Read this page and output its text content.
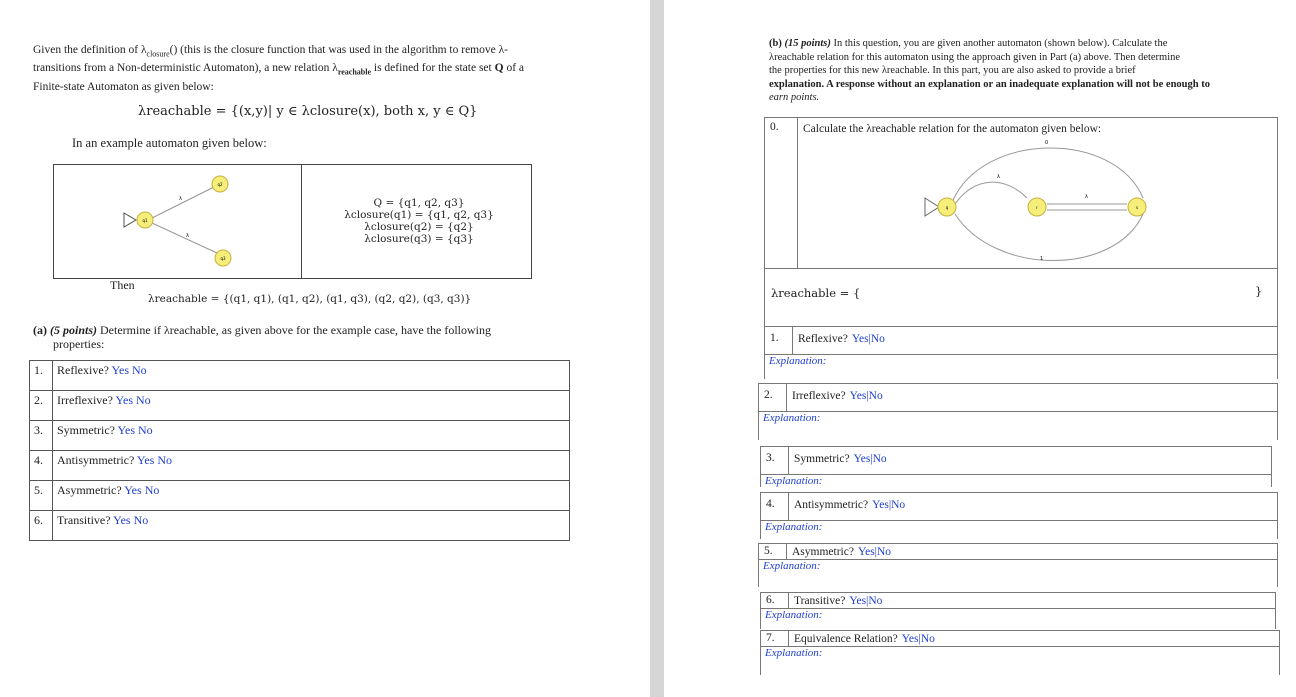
Given the definition of $\lambda_{closure}()$ (this is the closure function that was used in the algorithm to remove λ-
transitions from a Non-deterministic Automaton), a new relation $\lambda_{reachable}$ is defined for the state set Q of a
Finite-state Automaton as given below:
λreachable = {(x,y)| y ∈ λclosure(x), both x, y ∈ Q}
In an example automaton given below:
q1
q2
q3
λ
λ
Q = {q1, q2, q3}
λclosure(q1) = {q1, q2, q3}
λclosure(q2) = {q2}
λclosure(q3) = {q3}
Then
λreachable = {(q1, q1), (q1, q2), (q1, q3), (q2, q2), (q3, q3)}
(a) (5 points) Determine if λreachable, as given above for the example case, have the following
properties:
1.	Reflexive? Yes No
2.	Irreflexive? Yes No
3.	Symmetric? Yes No
4.	Antisymmetric? Yes No
5.	Asymmetric? Yes No
6.	Transitive? Yes No
(b) (15 points) In this question, you are given another automaton (shown below). Calculate the
λreachable relation for this automaton using the approach given in Part (a) above. Then determine
the properties for this new λreachable. In this part, you are also asked to provide a brief
explanation. A response without an explanation or an inadequate explanation will not be enough to
earn points.
0. Calculate the λreachable relation for the automaton given below:
q	r	s
0
λ
λ
1
λreachable = {	}
1. Reflexive? Yes|No
Explanation:
2. Irreflexive? Yes|No
Explanation:
3. Symmetric? Yes|No
Explanation:
4. Antisymmetric? Yes|No
Explanation:
5. Asymmetric? Yes|No
Explanation:
6. Transitive? Yes|No
Explanation:
7. Equivalence Relation? Yes|No
Explanation:
